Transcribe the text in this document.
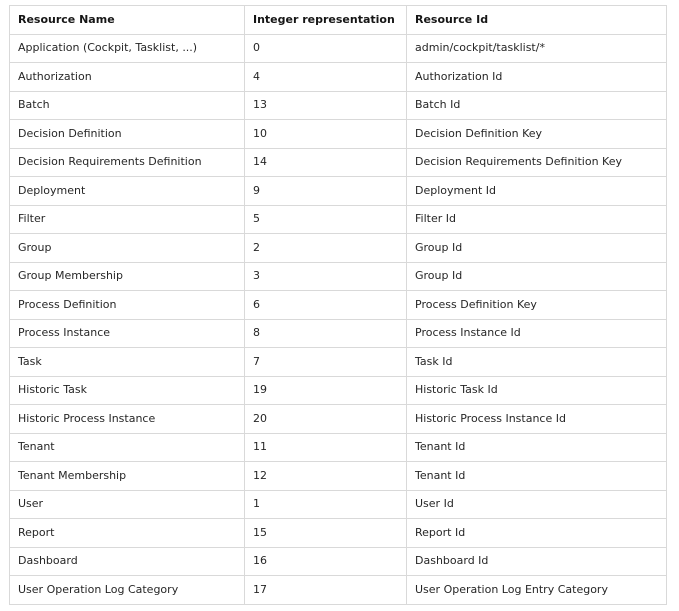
Resource Name	Integer representation	Resource Id
Application (Cockpit, Tasklist, ...)	0	admin/cockpit/tasklist/*
Authorization	4	Authorization Id
Batch	13	Batch Id
Decision Definition	10	Decision Definition Key
Decision Requirements Definition	14	Decision Requirements Definition Key
Deployment	9	Deployment Id
Filter	5	Filter Id
Group	2	Group Id
Group Membership	3	Group Id
Process Definition	6	Process Definition Key
Process Instance	8	Process Instance Id
Task	7	Task Id
Historic Task	19	Historic Task Id
Historic Process Instance	20	Historic Process Instance Id
Tenant	11	Tenant Id
Tenant Membership	12	Tenant Id
User	1	User Id
Report	15	Report Id
Dashboard	16	Dashboard Id
User Operation Log Category	17	User Operation Log Entry Category
